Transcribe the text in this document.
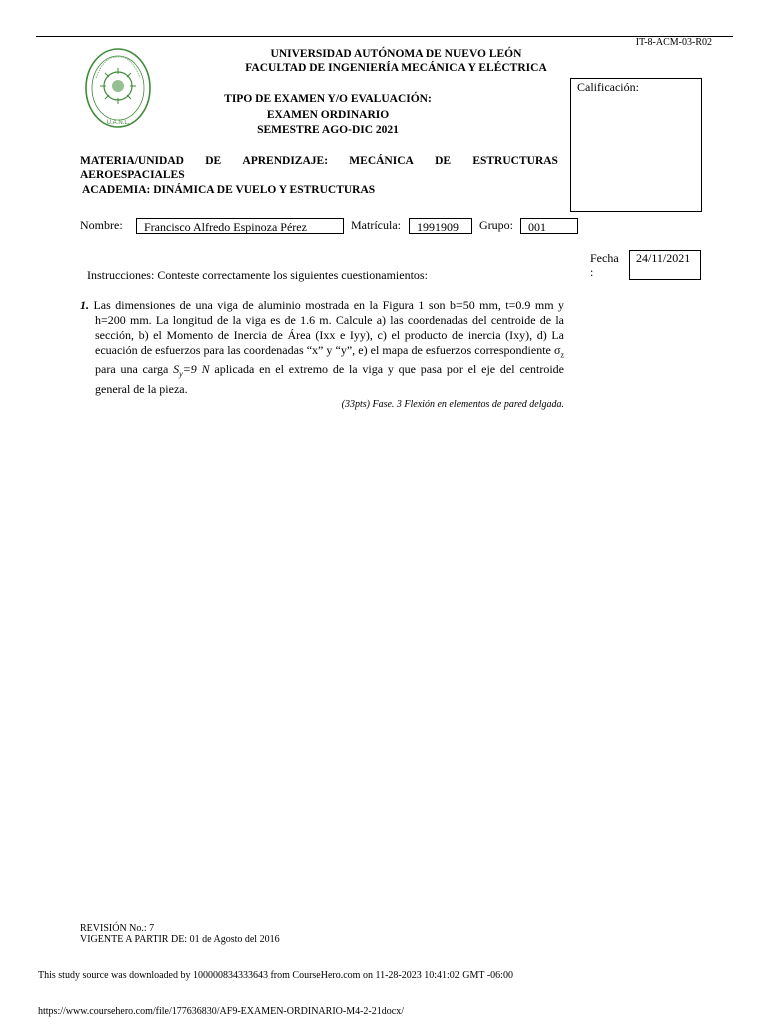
IT-8-ACM-03-R02
U.A.N.L.
UNIVERSIDAD AUTÓNOMA DE NUEVO LEÓN
FACULTAD DE INGENIERÍA MECÁNICA Y ELÉCTRICA
TIPO DE EXAMEN Y/O EVALUACIÓN:
EXAMEN ORDINARIO
SEMESTRE AGO-DIC 2021
Calificación:
MATERIA/UNIDAD DE APRENDIZAJE: MECÁNICA DE ESTRUCTURAS
AEROESPACIALES
ACADEMIA: DINÁMICA DE VUELO Y ESTRUCTURAS
Nombre:	Francisco Alfredo Espinoza Pérez	Matrícula:	1991909	Grupo:	001
Fecha
:
24/11/2021
Instrucciones: Conteste correctamente los siguientes cuestionamientos:
1. Las dimensiones de una viga de aluminio mostrada en la Figura 1 son b=50 mm, t=0.9 mm y h=200 mm. La longitud de la viga es de 1.6 m. Calcule a) las coordenadas del centroide de la sección, b) el Momento de Inercia de Área (Ixx e Iyy), c) el producto de inercia (Ixy), d) La ecuación de esfuerzos para las coordenadas “x” y “y”, e) el mapa de esfuerzos correspondiente $\sigma_z$ para una carga $S_y=9$ N aplicada en el extremo de la viga y que pasa por el eje del centroide general de la pieza.
(33pts) Fase. 3 Flexión en elementos de pared delgada.
REVISIÓN No.: 7
VIGENTE A PARTIR DE: 01 de Agosto del 2016
This study source was downloaded by 100000834333643 from CourseHero.com on 11-28-2023 10:41:02 GMT -06:00
https://www.coursehero.com/file/177636830/AF9-EXAMEN-ORDINARIO-M4-2-21docx/
